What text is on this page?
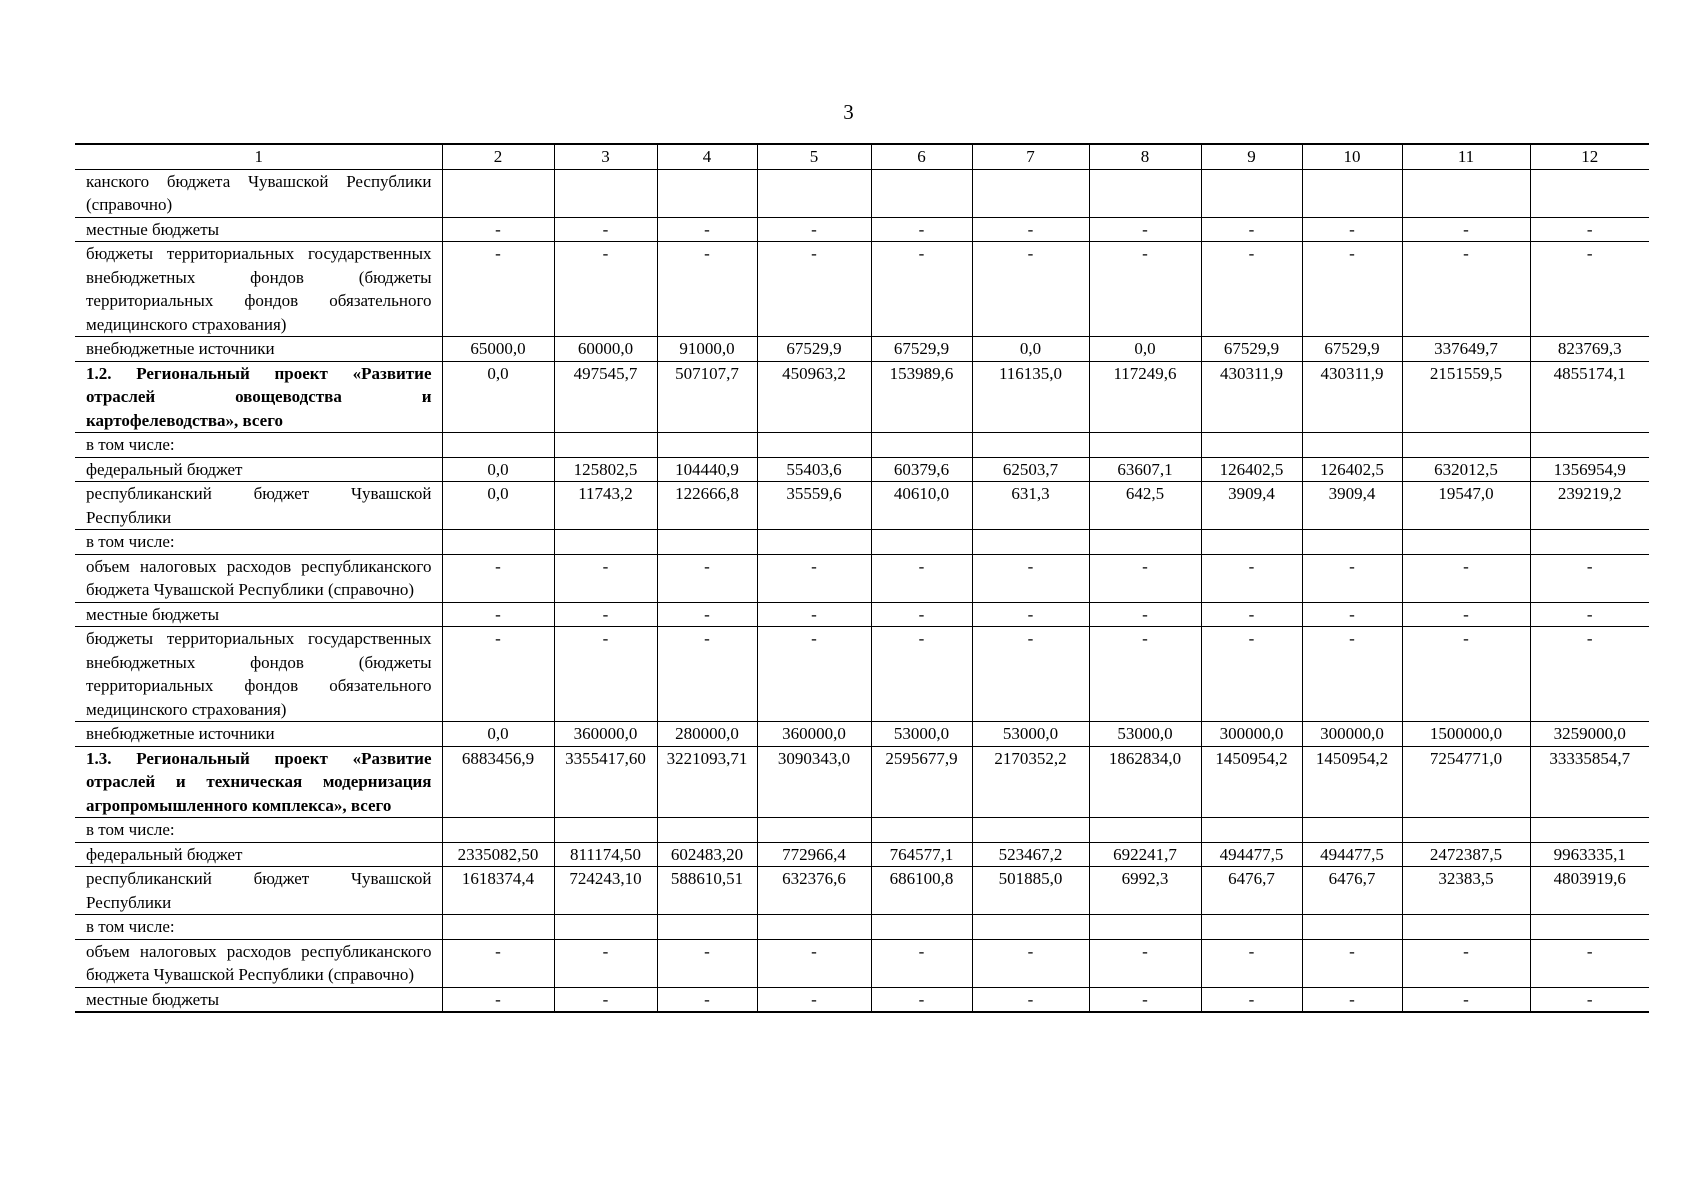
3
1	2	3	4	5	6	7	8	9	10	11	12
канского бюджета Чувашской Республики (справочно)											
местные бюджеты	-	-	-	-	-	-	-	-	-	-	-
бюджеты территориальных государственных внебюджетных фондов (бюджеты территориальных фондов обязательного медицинского страхования)	-	-	-	-	-	-	-	-	-	-	-
внебюджетные источники	65000,0	60000,0	91000,0	67529,9	67529,9	0,0	0,0	67529,9	67529,9	337649,7	823769,3
1.2. Региональный проект «Развитие отраслей овощеводства и картофелеводства», всего	0,0	497545,7	507107,7	450963,2	153989,6	116135,0	117249,6	430311,9	430311,9	2151559,5	4855174,1
в том числе:											
федеральный бюджет	0,0	125802,5	104440,9	55403,6	60379,6	62503,7	63607,1	126402,5	126402,5	632012,5	1356954,9
республиканский бюджет Чувашской Республики	0,0	11743,2	122666,8	35559,6	40610,0	631,3	642,5	3909,4	3909,4	19547,0	239219,2
в том числе:											
объем налоговых расходов республиканского бюджета Чувашской Республики (справочно)	-	-	-	-	-	-	-	-	-	-	-
местные бюджеты	-	-	-	-	-	-	-	-	-	-	-
бюджеты территориальных государственных внебюджетных фондов (бюджеты территориальных фондов обязательного медицинского страхования)	-	-	-	-	-	-	-	-	-	-	-
внебюджетные источники	0,0	360000,0	280000,0	360000,0	53000,0	53000,0	53000,0	300000,0	300000,0	1500000,0	3259000,0
1.3. Региональный проект «Развитие отраслей и техническая модернизация агропромышленного комплекса», всего	6883456,9	3355417,60	3221093,71	3090343,0	2595677,9	2170352,2	1862834,0	1450954,2	1450954,2	7254771,0	33335854,7
в том числе:											
федеральный бюджет	2335082,50	811174,50	602483,20	772966,4	764577,1	523467,2	692241,7	494477,5	494477,5	2472387,5	9963335,1
республиканский бюджет Чувашской Республики	1618374,4	724243,10	588610,51	632376,6	686100,8	501885,0	6992,3	6476,7	6476,7	32383,5	4803919,6
в том числе:											
объем налоговых расходов республиканского бюджета Чувашской Республики (справочно)	-	-	-	-	-	-	-	-	-	-	-
местные бюджеты	-	-	-	-	-	-	-	-	-	-	-
